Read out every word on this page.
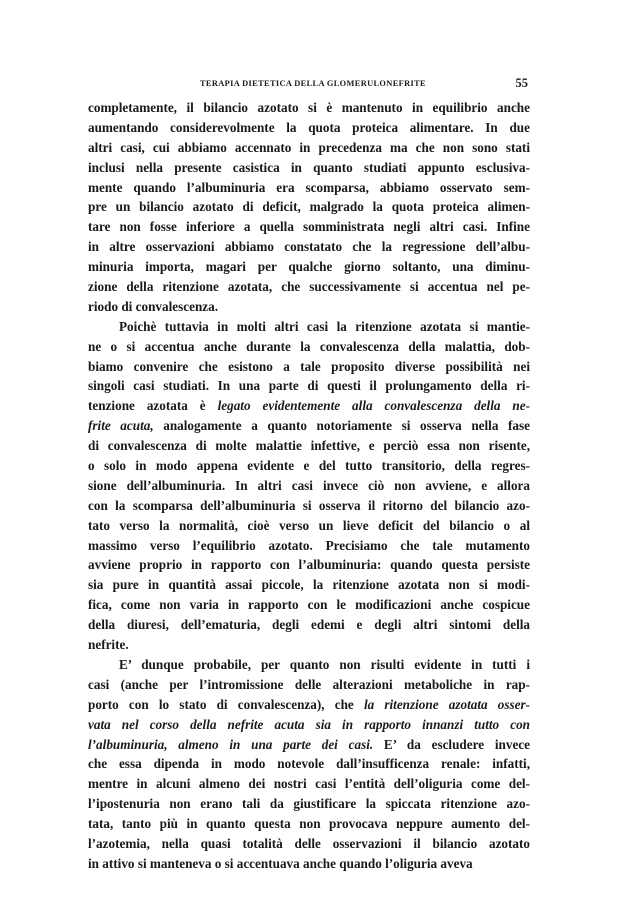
TERAPIA DIETETICA DELLA GLOMERULONEFRITE	55
completamente, il bilancio azotato si è mantenuto in equilibrio anche
aumentando considerevolmente la quota proteica alimentare. In due
altri casi, cui abbiamo accennato in precedenza ma che non sono stati
inclusi nella presente casistica in quanto studiati appunto esclusiva-
mente quando l’albuminuria era scomparsa, abbiamo osservato sem-
pre un bilancio azotato di deficit, malgrado la quota proteica alimen-
tare non fosse inferiore a quella somministrata negli altri casi. Infine
in altre osservazioni abbiamo constatato che la regressione dell’albu-
minuria importa, magari per qualche giorno soltanto, una diminu-
zione della ritenzione azotata, che successivamente si accentua nel pe-
riodo di convalescenza.
Poichè tuttavia in molti altri casi la ritenzione azotata si mantie-
ne o si accentua anche durante la convalescenza della malattia, dob-
biamo convenire che esistono a tale proposito diverse possibilità nei
singoli casi studiati. In una parte di questi il prolungamento della ri-
tenzione azotata è legato evidentemente alla convalescenza della ne-
frite acuta, analogamente a quanto notoriamente si osserva nella fase
di convalescenza di molte malattie infettive, e perciò essa non risente,
o solo in modo appena evidente e del tutto transitorio, della regres-
sione dell’albuminuria. In altri casi invece ciò non avviene, e allora
con la scomparsa dell’albuminuria si osserva il ritorno del bilancio azo-
tato verso la normalità, cioè verso un lieve deficit del bilancio o al
massimo verso l’equilibrio azotato. Precisiamo che tale mutamento
avviene proprio in rapporto con l’albuminuria: quando questa persiste
sia pure in quantità assai piccole, la ritenzione azotata non si modi-
fica, come non varia in rapporto con le modificazioni anche cospicue
della diuresi, dell’ematuria, degli edemi e degli altri sintomi della
nefrite.
E’ dunque probabile, per quanto non risulti evidente in tutti i
casi (anche per l’intromissione delle alterazioni metaboliche in rap-
porto con lo stato di convalescenza), che la ritenzione azotata osser-
vata nel corso della nefrite acuta sia in rapporto innanzi tutto con
l’albuminuria, almeno in una parte dei casi. E’ da escludere invece
che essa dipenda in modo notevole dall’insufficenza renale: infatti,
mentre in alcuni almeno dei nostri casi l’entità dell’oliguria come del-
l’ipostenuria non erano tali da giustificare la spiccata ritenzione azo-
tata, tanto più in quanto questa non provocava neppure aumento del-
l’azotemia, nella quasi totalità delle osservazioni il bilancio azotato
in attivo si manteneva o si accentuava anche quando l’oliguria aveva
